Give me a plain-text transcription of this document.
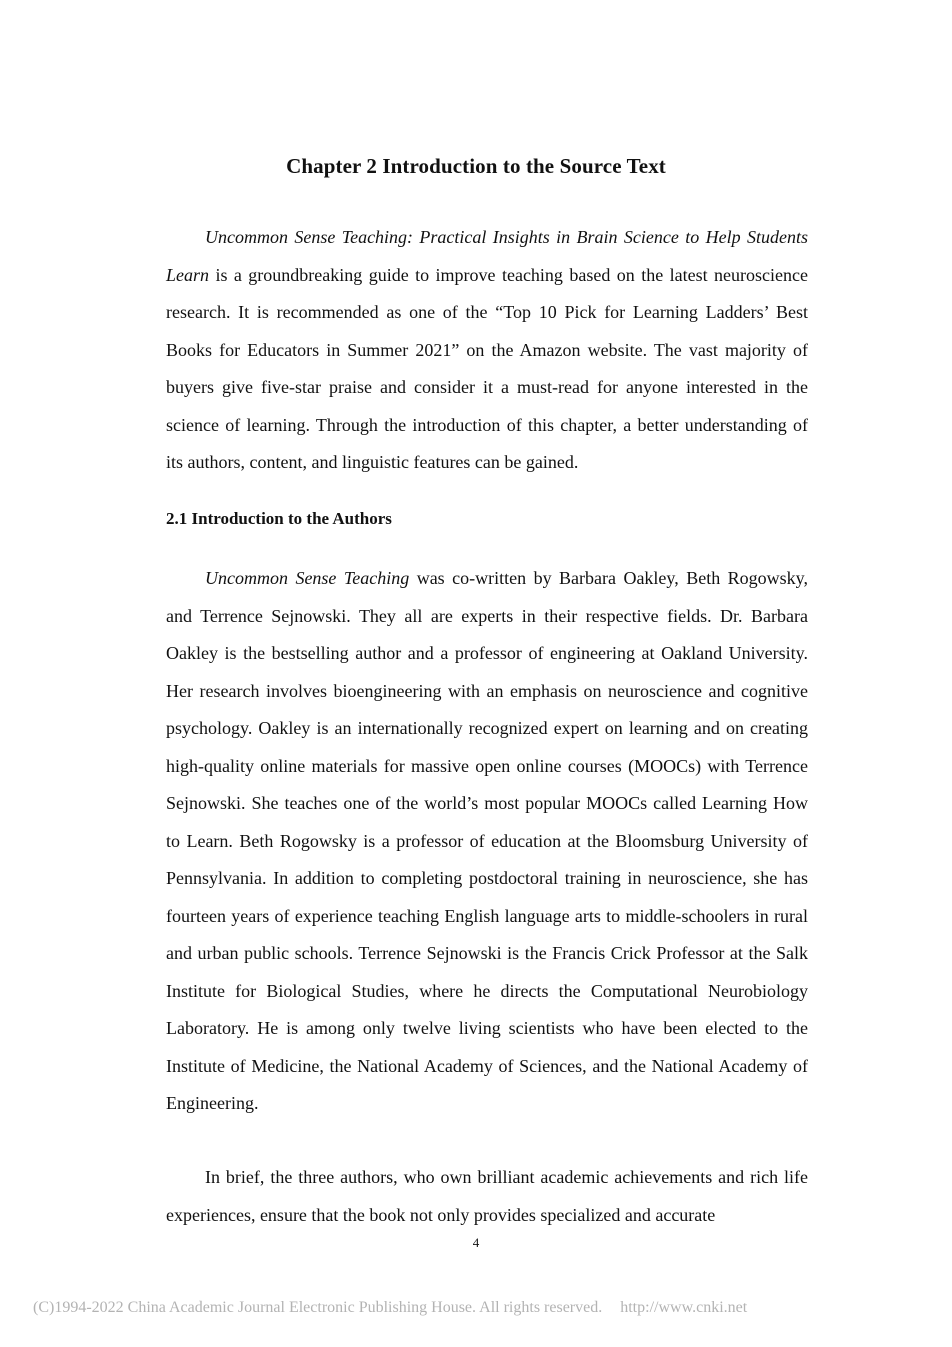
Chapter 2 Introduction to the Source Text

Uncommon Sense Teaching: Practical Insights in Brain Science to Help Students Learn is a groundbreaking guide to improve teaching based on the latest neuroscience research. It is recommended as one of the “Top 10 Pick for Learning Ladders’ Best Books for Educators in Summer 2021” on the Amazon website. The vast majority of buyers give five-star praise and consider it a must-read for anyone interested in the science of learning. Through the introduction of this chapter, a better understanding of its authors, content, and linguistic features can be gained.

2.1 Introduction to the Authors

Uncommon Sense Teaching was co-written by Barbara Oakley, Beth Rogowsky, and Terrence Sejnowski. They all are experts in their respective fields. Dr. Barbara Oakley is the bestselling author and a professor of engineering at Oakland University. Her research involves bioengineering with an emphasis on neuroscience and cognitive psychology. Oakley is an internationally recognized expert on learning and on creating high-quality online materials for massive open online courses (MOOCs) with Terrence Sejnowski. She teaches one of the world’s most popular MOOCs called Learning How to Learn. Beth Rogowsky is a professor of education at the Bloomsburg University of Pennsylvania. In addition to completing postdoctoral training in neuroscience, she has fourteen years of experience teaching English language arts to middle-schoolers in rural and urban public schools. Terrence Sejnowski is the Francis Crick Professor at the Salk Institute for Biological Studies, where he directs the Computational Neurobiology Laboratory. He is among only twelve living scientists who have been elected to the Institute of Medicine, the National Academy of Sciences, and the National Academy of Engineering.

In brief, the three authors, who own brilliant academic achievements and rich life experiences, ensure that the book not only provides specialized and accurate

4
(C)1994-2022 China Academic Journal Electronic Publishing House. All rights reserved. http://www.cnki.net
